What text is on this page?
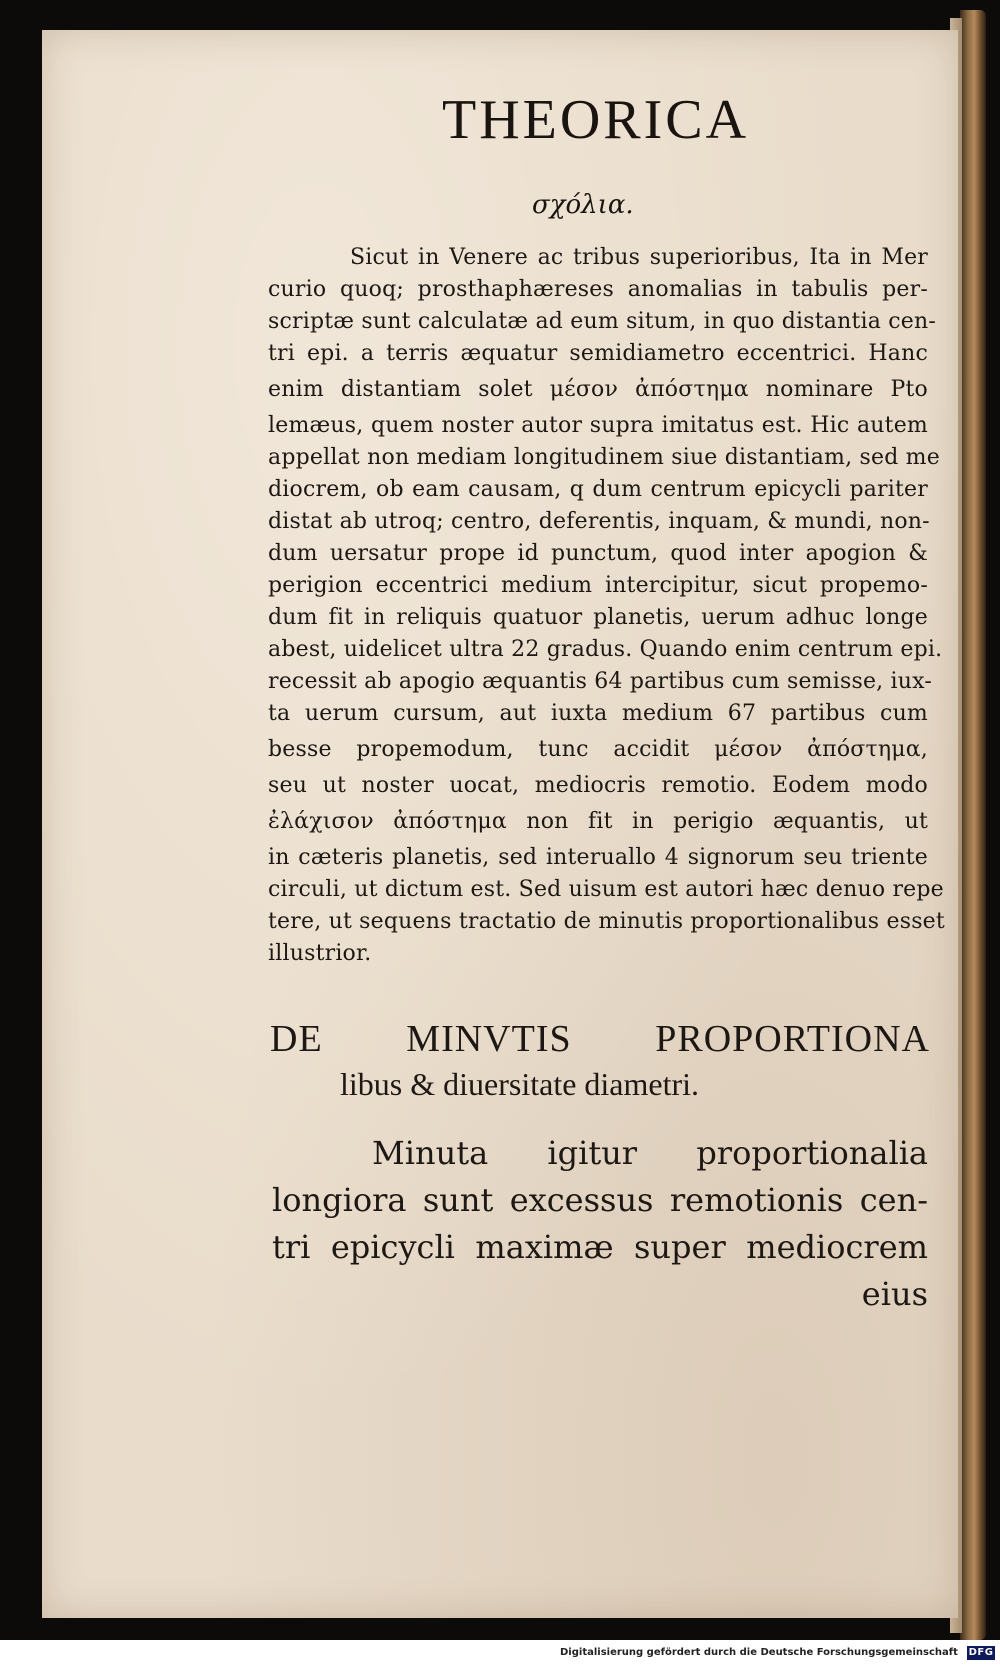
THEORICA
σχόλια.
Sicut in Venere ac tribus superioribus, Ita in Mer
curio quoq; prosthaphæreses anomalias in tabulis per-
scriptæ sunt calculatæ ad eum situm, in quo distantia cen-
tri epi. a terris æquatur semidiametro eccentrici. Hanc
enim distantiam solet μέσον ἀπόστημα nominare Pto
lemæus, quem noster autor supra imitatus est. Hic autem
appellat non mediam longitudinem siue distantiam, sed me
diocrem, ob eam causam, q dum centrum epicycli pariter
distat ab utroq; centro, deferentis, inquam, & mundi, non-
dum uersatur prope id punctum, quod inter apogion &
perigion eccentrici medium intercipitur, sicut propemo-
dum fit in reliquis quatuor planetis, uerum adhuc longe
abest, uidelicet ultra 22 gradus. Quando enim centrum epi.
recessit ab apogio æquantis 64 partibus cum semisse, iux-
ta uerum cursum, aut iuxta medium 67 partibus cum
besse propemodum, tunc accidit μέσον ἀπόστημα,
seu ut noster uocat, mediocris remotio. Eodem modo
ἐλάχισον ἀπόστημα non fit in perigio æquantis, ut
in cæteris planetis, sed interuallo 4 signorum seu triente
circuli, ut dictum est. Sed uisum est autori hæc denuo repe
tere, ut sequens tractatio de minutis proportionalibus esset
illustrior.
DE MINVTIS PROPORTIONA
libus & diuersitate diametri.
Minuta igitur proportionalia
longiora sunt excessus remotionis cen-
tri epicycli maximæ super mediocrem
eius
Digitalisierung gefördert durch die Deutsche Forschungsgemeinschaft DFG
